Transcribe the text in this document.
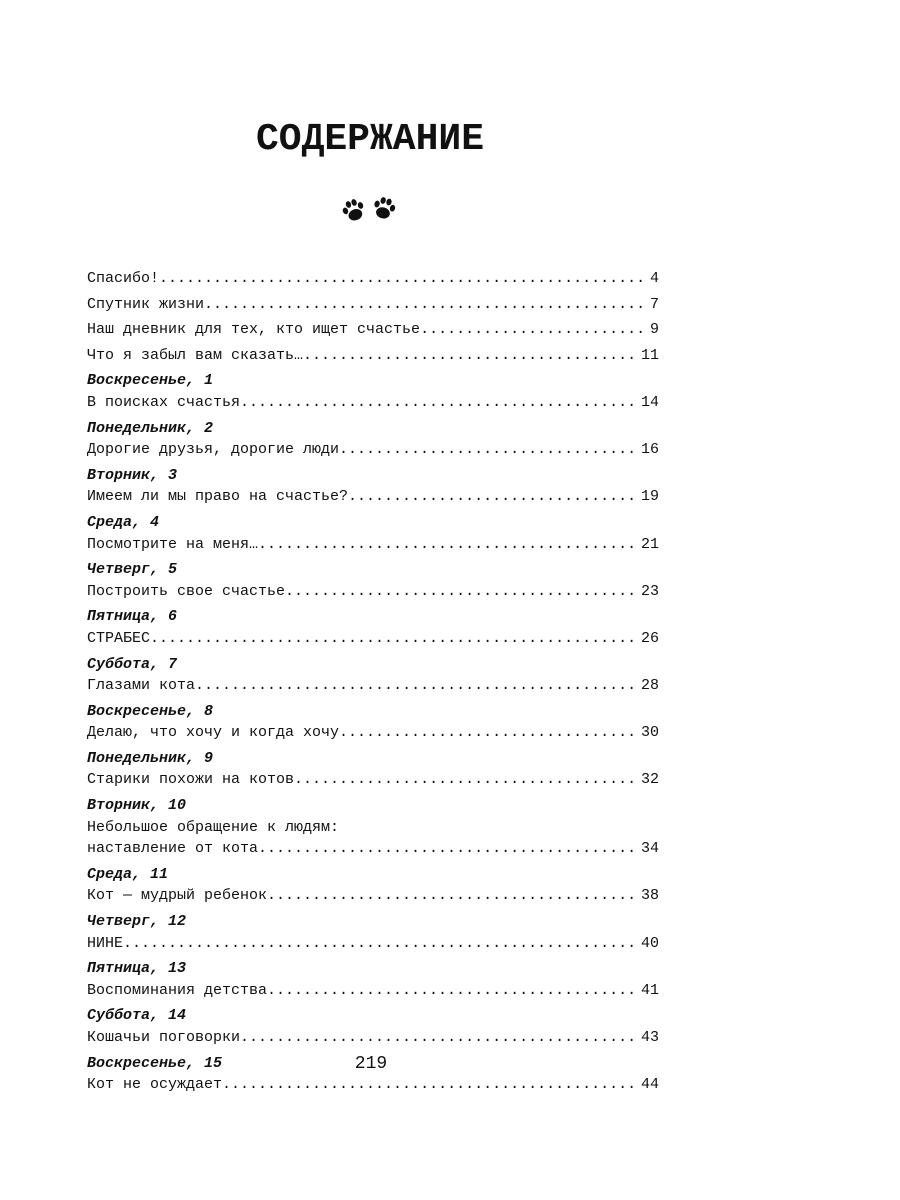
СОДЕРЖАНИЕ
Спасибо! .....	4
Спутник жизни .....	7
Наш дневник для тех, кто ищет счастье .....	9
Что я забыл вам сказать… .....	11
Воскресенье, 1
В поисках счастья .....	14
Понедельник, 2
Дорогие друзья, дорогие люди .....	16
Вторник, 3
Имеем ли мы право на счастье? .....	19
Среда, 4
Посмотрите на меня… .....	21
Четверг, 5
Построить свое счастье .....	23
Пятница, 6
СТРАБЕС .....	26
Суббота, 7
Глазами кота .....	28
Воскресенье, 8
Делаю, что хочу и когда хочу .....	30
Понедельник, 9
Старики похожи на котов .....	32
Вторник, 10
Небольшое обращение к людям:
наставление от кота .....	34
Среда, 11
Кот — мудрый ребенок .....	38
Четверг, 12
НИНЕ .....	40
Пятница, 13
Воспоминания детства .....	41
Суббота, 14
Кошачьи поговорки .....	43
Воскресенье, 15
Кот не осуждает .....	44
219
